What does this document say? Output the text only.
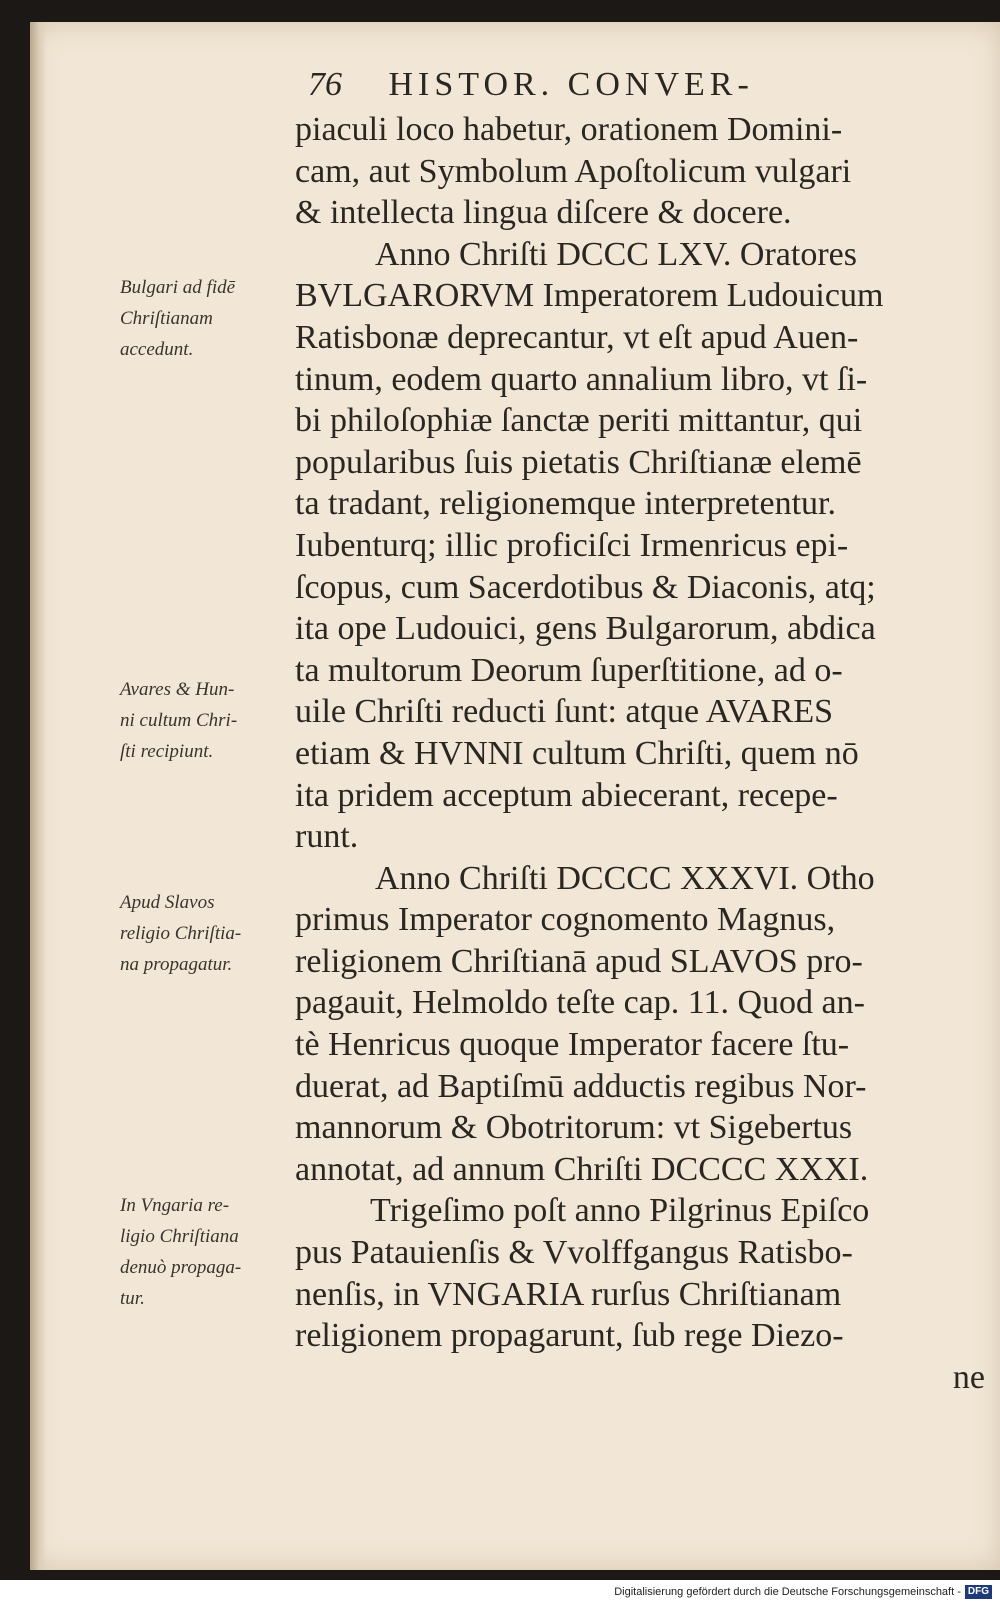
76 HISTOR. CONVER-
piaculi loco habetur, orationem Domini-
cam, aut Symbolum Apoſtolicum vulgari
& intellecta lingua diſcere & docere.
Anno Chriſti DCCC LXV. Oratores
BVLGARORVM Imperatorem Ludouicum
Ratisbonæ deprecantur, vt eſt apud Auen-
tinum, eodem quarto annalium libro, vt ſi-
bi philoſophiæ ſanctæ periti mittantur, qui
popularibus ſuis pietatis Chriſtianæ elemē
ta tradant, religionemque interpretentur.
Iubenturq; illic proficiſci Irmenricus epi-
ſcopus, cum Sacerdotibus & Diaconis, atq;
ita ope Ludouici, gens Bulgarorum, abdica
ta multorum Deorum ſuperſtitione, ad o-
uile Chriſti reducti ſunt: atque AVARES
etiam & HVNNI cultum Chriſti, quem nō
ita pridem acceptum abiecerant, recepe-
runt.
Anno Chriſti DCCCC XXXVI. Otho
primus Imperator cognomento Magnus,
religionem Chriſtianā apud SLAVOS pro-
pagauit, Helmoldo teſte cap. 11. Quod an-
tè Henricus quoque Imperator facere ſtu-
duerat, ad Baptiſmū adductis regibus Nor-
mannorum & Obotritorum: vt Sigebertus
annotat, ad annum Chriſti DCCCC XXXI.
Trigeſimo poſt anno Pilgrinus Epiſco
pus Patauienſis & Vvolffgangus Ratisbo-
nenſis, in VNGARIA rurſus Chriſtianam
religionem propagarunt, ſub rege Diezo-
ne
Bulgari ad fidē
Chriſtianam
accedunt.
Avares & Hun-
ni cultum Chri-
ſti recipiunt.
Apud Slavos
religio Chriſtia-
na propagatur.
In Vngaria re-
ligio Chriſtiana
denuò propaga-
tur.
Digitalisierung gefördert durch die Deutsche Forschungsgemeinschaft - DFG
